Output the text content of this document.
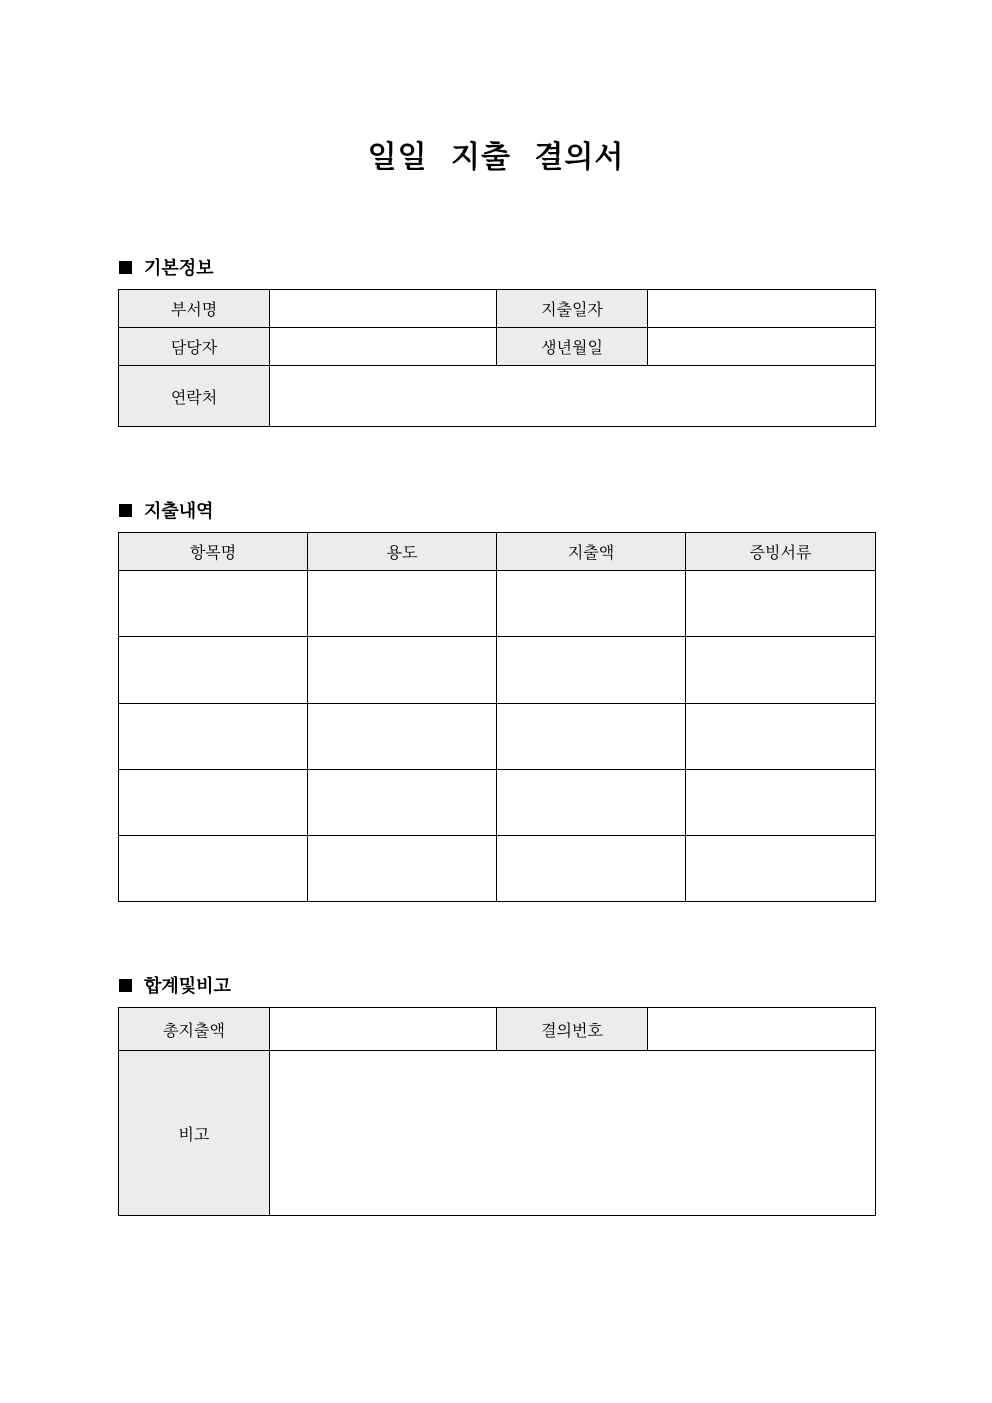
일일 지출 결의서
기본정보
부서명		지출일자	
담당자		생년월일	
연락처			
지출내역
항목명	용도	지출액	증빙서류

합계및비고
총지출액		결의번호	
비고			
